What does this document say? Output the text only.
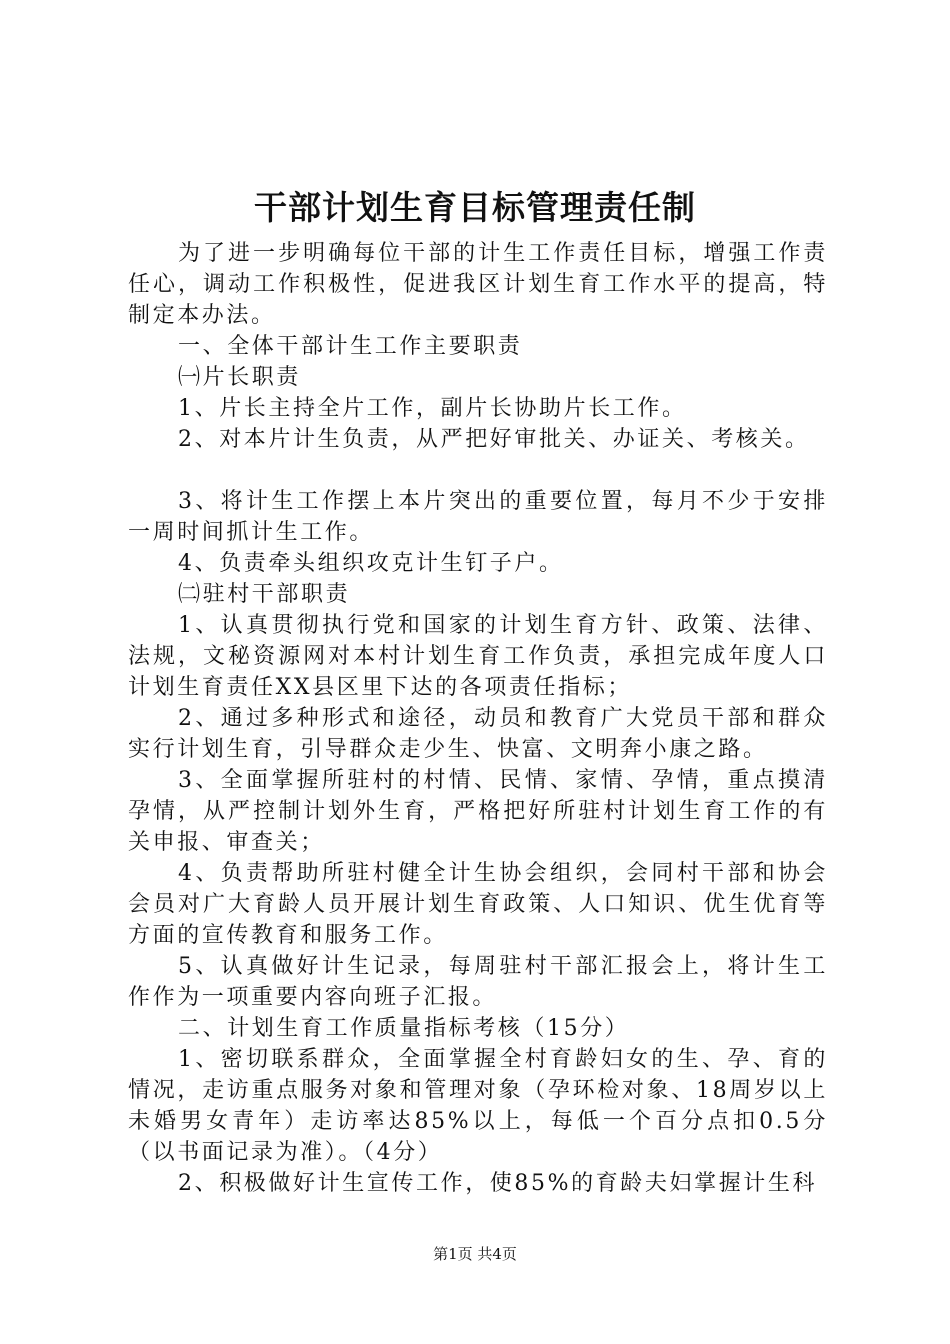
干部计划生育目标管理责任制

为了进一步明确每位干部的计生工作责任目标，增强工作责任心，调动工作积极性，促进我区计划生育工作水平的提高，特制定本办法。

一、全体干部计生工作主要职责

㈠片长职责

1、片长主持全片工作，副片长协助片长工作。

2、对本片计生负责，从严把好审批关、办证关、考核关。

3、将计生工作摆上本片突出的重要位置，每月不少于安排一周时间抓计生工作。

4、负责牵头组织攻克计生钉子户。

㈡驻村干部职责

1、认真贯彻执行党和国家的计划生育方针、政策、法律、法规，文秘资源网对本村计划生育工作负责，承担完成年度人口计划生育责任XX县区里下达的各项责任指标；

2、通过多种形式和途径，动员和教育广大党员干部和群众实行计划生育，引导群众走少生、快富、文明奔小康之路。

3、全面掌握所驻村的村情、民情、家情、孕情，重点摸清孕情，从严控制计划外生育，严格把好所驻村计划生育工作的有关申报、审查关；

4、负责帮助所驻村健全计生协会组织，会同村干部和协会会员对广大育龄人员开展计划生育政策、人口知识、优生优育等方面的宣传教育和服务工作。

5、认真做好计生记录，每周驻村干部汇报会上，将计生工作作为一项重要内容向班子汇报。

二、计划生育工作质量指标考核（15分）

1、密切联系群众，全面掌握全村育龄妇女的生、孕、育的情况，走访重点服务对象和管理对象（孕环检对象、18周岁以上未婚男女青年）走访率达85%以上，每低一个百分点扣0.5分（以书面记录为准）。（4分）

2、积极做好计生宣传工作，使85%的育龄夫妇掌握计生科

第1页 共4页
